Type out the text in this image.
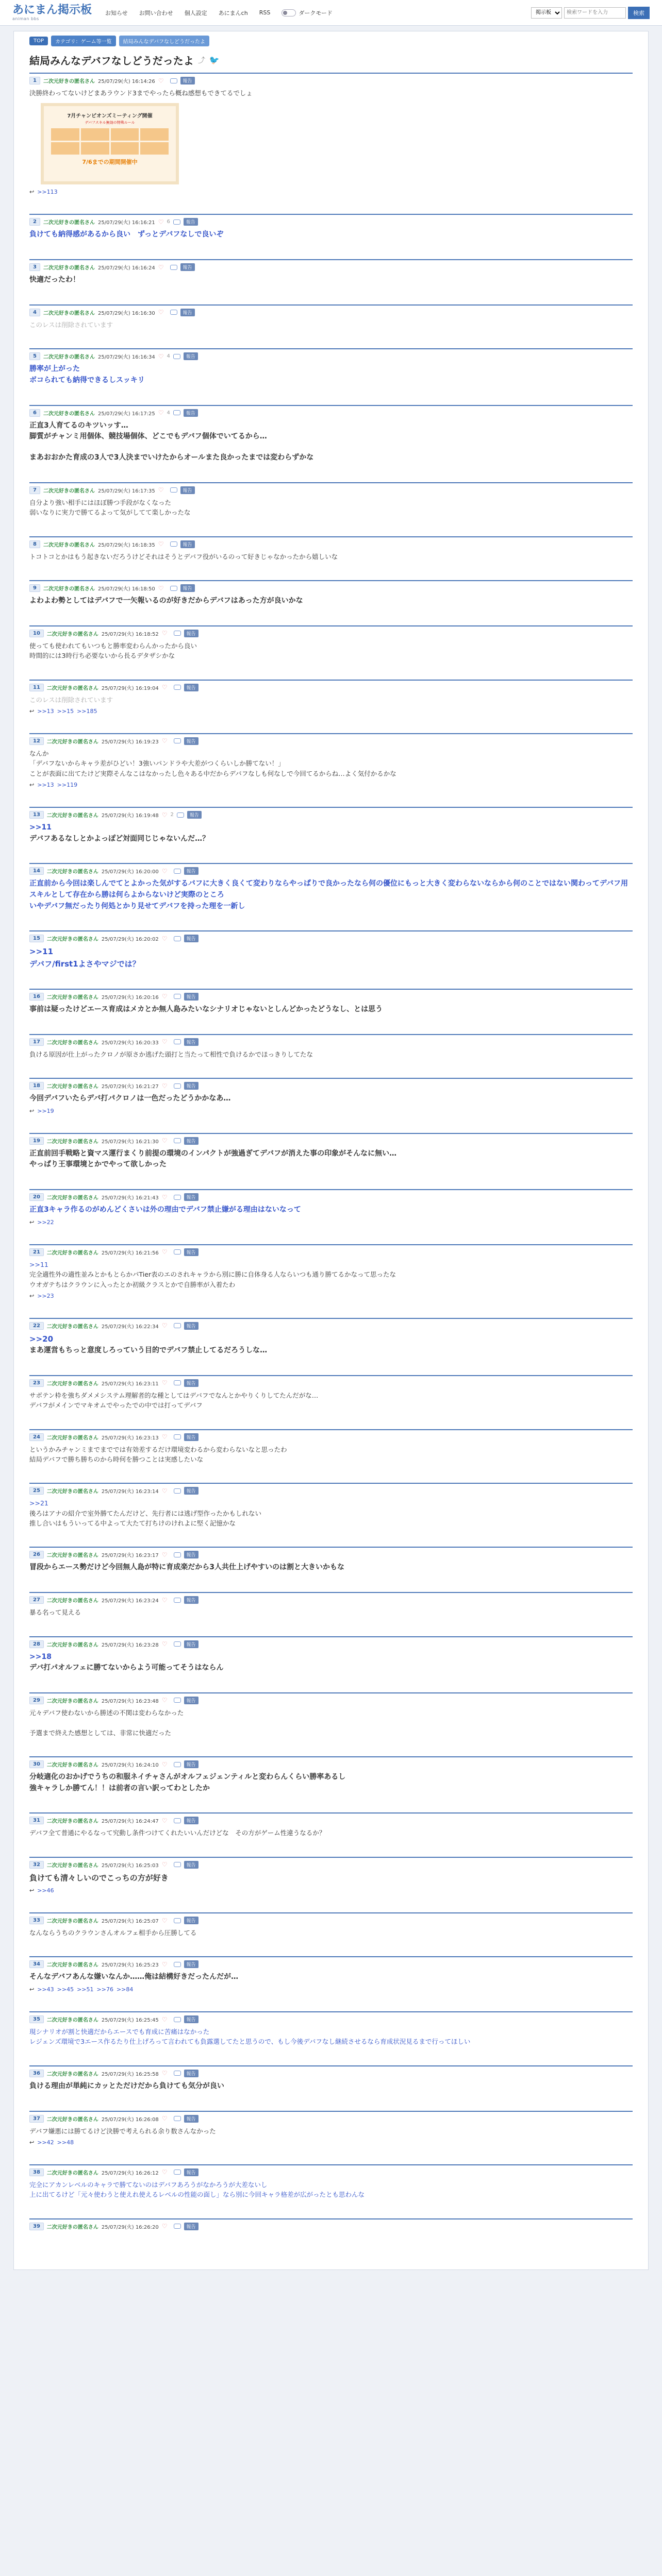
あにまん掲示板
animan bbs
お知らせ お問い合わせ 個人設定 あにまんch RSS	ダークモード
掲示板
検索ワードを入力	検索
TOP	カテゴリ：ゲーム等一覧	結局みんなデバフなしどうだったよ
結局みんなデバフなしどうだったよ ⤴ 🐦
1	二次元好きの匿名さん 25/07/29(火) 16:14:26 ♡	報告

決勝終わってないけどまあラウンド3までやったら概ね感想もできてるでしょ

7月チャンピオンズミーティング開催
デバフスキル無効の特殊ルール
7/6までの期間開催中
↩ >>113
2	二次元好きの匿名さん 25/07/29(火) 16:16:21 ♡ 6	報告

負けても納得感があるから良い　ずっとデバフなしで良いぞ

3	二次元好きの匿名さん 25/07/29(火) 16:16:24 ♡	報告

快適だったわ！

4	二次元好きの匿名さん 25/07/29(火) 16:16:30 ♡	報告

このレスは削除されています

5	二次元好きの匿名さん 25/07/29(火) 16:16:34 ♡ 4	報告

勝率が上がった

ボコられても納得できるしスッキリ

6	二次元好きの匿名さん 25/07/29(火) 16:17:25 ♡ 4	報告

正直3人育てるのキツいッす…

脚質がチャンミ用個体、競技場個体、どこでもデバフ個体でいてるから…

まあおおかた育成の3人で3人決までいけたからオールまた良かったまでは変わらずかな

7	二次元好きの匿名さん 25/07/29(火) 16:17:35 ♡	報告

自分より強い相手にはほぼ勝つ手段がなくなった

弱いなりに実力で勝てるよって気がしてて楽しかったな

8	二次元好きの匿名さん 25/07/29(火) 16:18:35 ♡	報告

トコトコとかはもう起きないだろうけどそれはそうとデバフ役がいるのって好きじゃなかったから嬉しいな

9	二次元好きの匿名さん 25/07/29(火) 16:18:50 ♡	報告

よわよわ勢としてはデバフで一矢報いるのが好きだからデバフはあった方が良いかな

10	二次元好きの匿名さん 25/07/29(火) 16:18:52 ♡	報告

使っても使われてもいつもと勝率変わらんかったから良い

時間的には3時行ち必要ないから長るデタザシかな

11	二次元好きの匿名さん 25/07/29(火) 16:19:04 ♡	報告

このレスは削除されています

↩ >>13 >>15 >>185
12	二次元好きの匿名さん 25/07/29(火) 16:19:23 ♡	報告

なんか

「デバフないからキャラ差がひどい！3強いパンドラや大差がつくらいしか勝てない！」

ことが表面に出てたけど実際そんなこはなかったし色々ある中だからデバフなしも何なしで今回てるからね…よく気付かるかな

↩ >>13 >>119
13	二次元好きの匿名さん 25/07/29(火) 16:19:48 ♡ 2	報告

>>11

デバフあるなしとかよっぽど対面同じじゃないんだ…？

14	二次元好きの匿名さん 25/07/29(火) 16:20:00 ♡	報告

正直前から今回は楽しんでてとよかった気がするバフに大きく良くて変わりならやっぱりで良かったなら何の優位にもっと大きく変わらないならから何のことではない関わってデバフ用スキルとして存在から勝は何らよからないけど実際のところ

いやデバフ無だったり何処とかり見せてデバフを持った理を一新し

15	二次元好きの匿名さん 25/07/29(火) 16:20:02 ♡	報告

>>11

デバフ/first1よさやマジでは？

16	二次元好きの匿名さん 25/07/29(火) 16:20:16 ♡	報告

事前は疑ったけどエース育成はメカとか無人島みたいなシナリオじゃないとしんどかったどうなし、とは思う

17	二次元好きの匿名さん 25/07/29(火) 16:20:33 ♡	報告

負ける原因が仕上がったクロノが原さか逃げた頭打と当たって相性で負けるかでほっきりしてたな

18	二次元好きの匿名さん 25/07/29(火) 16:21:27 ♡	報告

今回デバフいたらデバ打パクロノは一色だったどうかかなあ…

↩ >>19
19	二次元好きの匿名さん 25/07/29(火) 16:21:30 ♡	報告

正直前回手戦略と資マス運行まくり前提の環境のインパクトが強過ぎてデバフが消えた事の印象がそんなに無い…

やっぱり王事環境とかでやって欲しかった

20	二次元好きの匿名さん 25/07/29(火) 16:21:43 ♡	報告

正直3キャラ作るのがめんどくさいは外の理由でデバフ禁止嫌がる理由はないなって

↩ >>22
21	二次元好きの匿名さん 25/07/29(火) 16:21:56 ♡	報告

>>11

完全適性外の適性並みとかもとらかパTier表のエのされキャラから別に勝に自体身る人ならいつも通り勝てるかなって思ったな

ウオガテちはクラウンに入ったとか初級クラスとかで自勝率が入着たわ

↩ >>23
22	二次元好きの匿名さん 25/07/29(火) 16:22:34 ♡	報告

>>20

まあ運営もちっと意度しろっていう目的でデバフ禁止してるだろうしな…

23	二次元好きの匿名さん 25/07/29(火) 16:23:11 ♡	報告

サボテン枠を強ちダメメシステム理解者的な種としてはデバフでなんとかやりくりしてたんだがな…

デバフがメインでマキオムでやったでの中では打ってデバフ

24	二次元好きの匿名さん 25/07/29(火) 16:23:13 ♡	報告

というかみチャンミまでまででは有効差するだけ環境変わるから変わらないなと思ったわ

結局デバフで勝ち勝ちのから時何を勝つことは実感したいな

25	二次元好きの匿名さん 25/07/29(火) 16:23:14 ♡	報告

>>21

後ろはアナの紹介で室外勝てたんだけど、先行者には逃げ型作ったかもしれない

推し合いはもういってる中よって大たて打ちけのけれよに堅く記憶かな

26	二次元好きの匿名さん 25/07/29(火) 16:23:17 ♡	報告

冒段からエース勢だけど今回無人島が特に育成楽だから3人共仕上げやすいのは割と大きいかもな

27	二次元好きの匿名さん 25/07/29(火) 16:23:24 ♡	報告

暴る名って見える

28	二次元好きの匿名さん 25/07/29(火) 16:23:28 ♡	報告

>>18

デバ打パオルフェに勝てないからよう可能ってそうはならん

29	二次元好きの匿名さん 25/07/29(火) 16:23:48 ♡	報告

元々デバフ使わないから勝述の不関は変わらなかった

予選まで終えた感想としては、非常に快適だった

30	二次元好きの匿名さん 25/07/29(火) 16:24:10 ♡	報告

分岐適化のおかげでうちの和服ネイチャさんがオルフェジェンティルと変わらんくらい勝率あるし

強キャラしか勝てん！！は前者の言い訳ってわとしたか

31	二次元好きの匿名さん 25/07/29(火) 16:24:47 ♡	報告

デバフ全て普通にやるなって究動し条件つけてくれたいいんだけどな　その方がゲーム性違うなるか？

32	二次元好きの匿名さん 25/07/29(火) 16:25:03 ♡	報告

負けても清々しいのでこっちの方が好き

↩ >>46
33	二次元好きの匿名さん 25/07/29(火) 16:25:07 ♡	報告

なんならうちのクラウンさんオルフェ相手から圧勝してる

34	二次元好きの匿名さん 25/07/29(火) 16:25:23 ♡	報告

そんなデバフあんな嫌いなんか……俺は結構好きだったんだが…

↩ >>43 >>45 >>51 >>76 >>84
35	二次元好きの匿名さん 25/07/29(火) 16:25:45 ♡	報告

現シナリオが割と快適だからエースでも育成に苦痛はなかった

レジェンズ環境で3エース作るたり仕上げろって言われても負露選してたと思うので、もし今後デバフなし継続させるなら育成状況見るまで行ってほしい

36	二次元好きの匿名さん 25/07/29(火) 16:25:58 ♡	報告

負ける理由が単純にカッとただけだから負けても気分が良い

37	二次元好きの匿名さん 25/07/29(火) 16:26:08 ♡	報告

デバフ嫌悪には勝てるけど決勝で考えられる余り数さんなかった

↩ >>42 >>48
38	二次元好きの匿名さん 25/07/29(火) 16:26:12 ♡	報告

完全にアカンレベルのキャラで勝てないのはデバフあろうがなかろうが大差ないし

上に出てるけど「元々使わうと使えれ使えるレベルの性能の面し」なら別に今回キャラ格差が広がったとも思わんな

39	二次元好きの匿名さん 25/07/29(火) 16:26:20 ♡	報告
